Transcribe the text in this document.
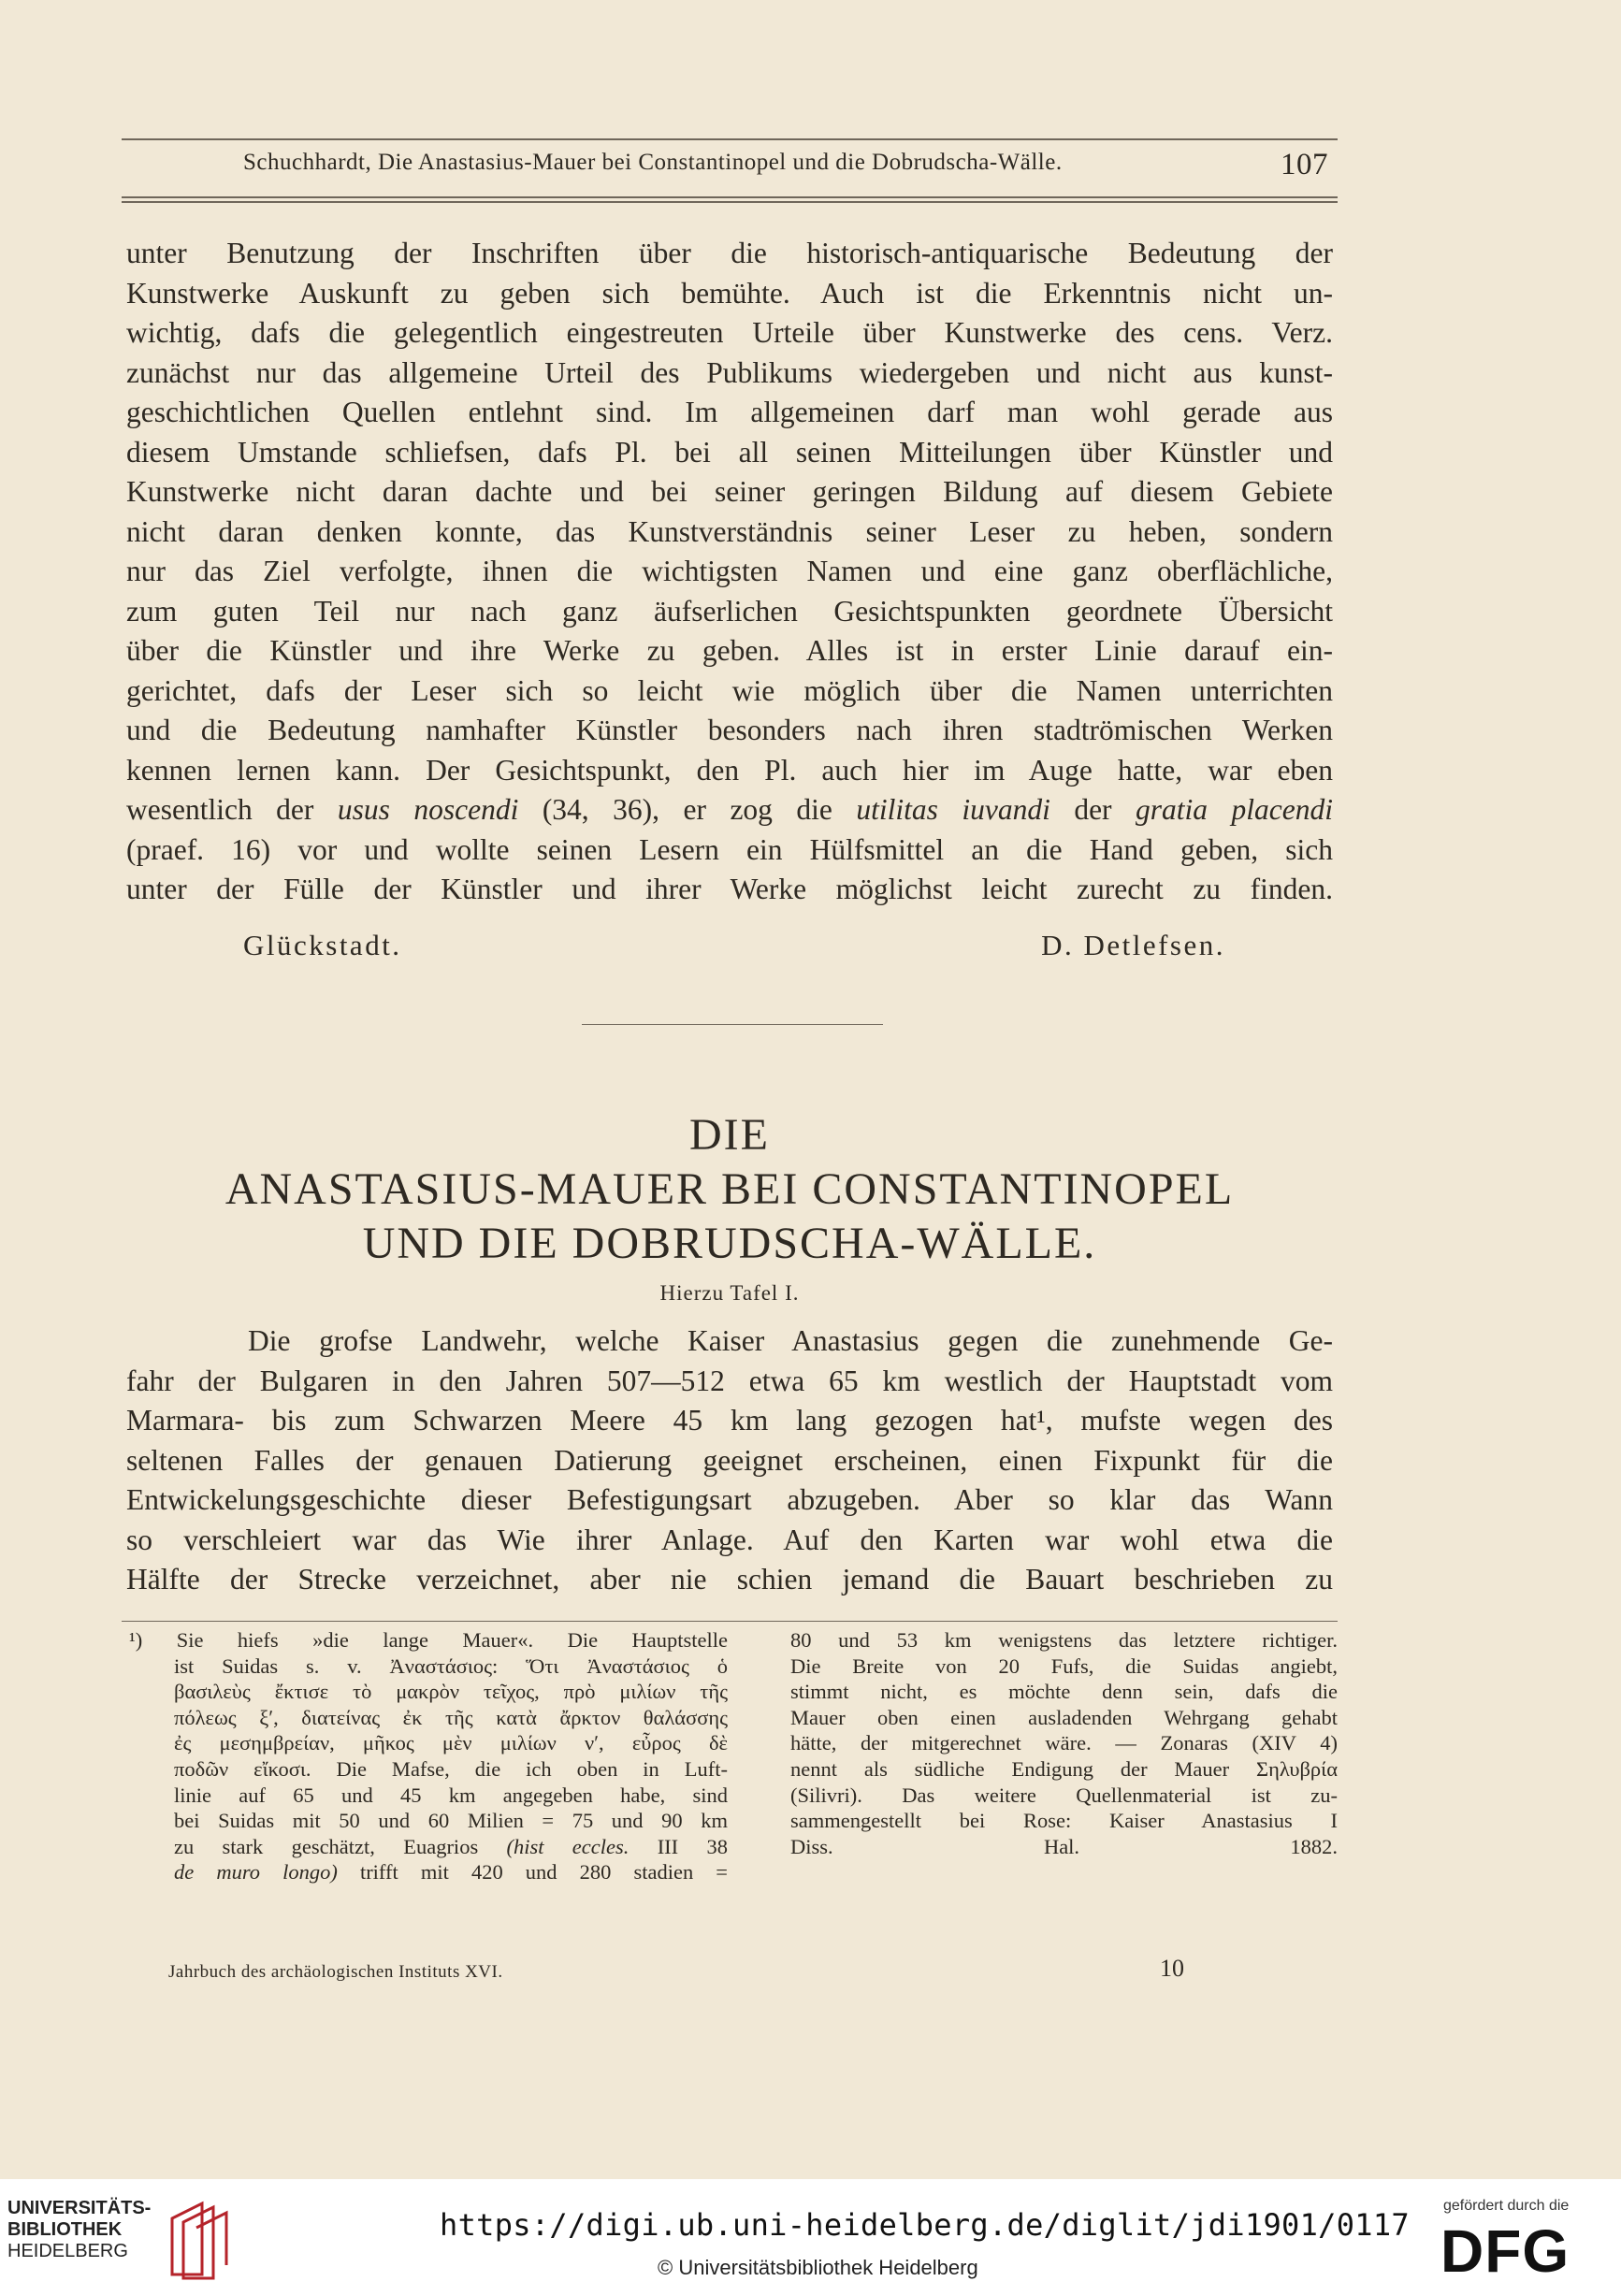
Schuchhardt, Die Anastasius-Mauer bei Constantinopel und die Dobrudscha-Wälle.	107

unter Benutzung der Inschriften über die historisch-antiquarische Bedeutung der

Kunstwerke Auskunft zu geben sich bemühte. Auch ist die Erkenntnis nicht un-

wichtig, dafs die gelegentlich eingestreuten Urteile über Kunstwerke des cens. Verz.

zunächst nur das allgemeine Urteil des Publikums wiedergeben und nicht aus kunst-

geschichtlichen Quellen entlehnt sind. Im allgemeinen darf man wohl gerade aus

diesem Umstande schliefsen, dafs Pl. bei all seinen Mitteilungen über Künstler und

Kunstwerke nicht daran dachte und bei seiner geringen Bildung auf diesem Gebiete

nicht daran denken konnte, das Kunstverständnis seiner Leser zu heben, sondern

nur das Ziel verfolgte, ihnen die wichtigsten Namen und eine ganz oberflächliche,

zum guten Teil nur nach ganz äufserlichen Gesichtspunkten geordnete Übersicht

über die Künstler und ihre Werke zu geben. Alles ist in erster Linie darauf ein-

gerichtet, dafs der Leser sich so leicht wie möglich über die Namen unterrichten

und die Bedeutung namhafter Künstler besonders nach ihren stadtrömischen Werken

kennen lernen kann. Der Gesichtspunkt, den Pl. auch hier im Auge hatte, war eben

wesentlich der usus noscendi (34, 36), er zog die utilitas iuvandi der gratia placendi

(praef. 16) vor und wollte seinen Lesern ein Hülfsmittel an die Hand geben, sich

unter der Fülle der Künstler und ihrer Werke möglichst leicht zurecht zu finden.

Glückstadt.	D. Detlefsen.
DIE
ANASTASIUS-MAUER BEI CONSTANTINOPEL
UND DIE DOBRUDSCHA-WÄLLE.
Hierzu Tafel I.

Die grofse Landwehr, welche Kaiser Anastasius gegen die zunehmende Ge-

fahr der Bulgaren in den Jahren 507—512 etwa 65 km westlich der Hauptstadt vom

Marmara- bis zum Schwarzen Meere 45 km lang gezogen hat¹, mufste wegen des

seltenen Falles der genauen Datierung geeignet erscheinen, einen Fixpunkt für die

Entwickelungsgeschichte dieser Befestigungsart abzugeben. Aber so klar das Wann

so verschleiert war das Wie ihrer Anlage. Auf den Karten war wohl etwa die

Hälfte der Strecke verzeichnet, aber nie schien jemand die Bauart beschrieben zu

¹) Sie hiefs »die lange Mauer«. Die Hauptstelle

ist Suidas s. v. Ἀναστάσιος: Ὅτι Ἀναστάσιος ὁ

βασιλεὺς ἔκτισε τὸ μακρὸν τεῖχος, πρὸ μιλίων τῆς

πόλεως ξʹ, διατείνας ἐκ τῆς κατὰ ἄρκτον θαλάσσης

ἐς μεσημβρείαν, μῆκος μὲν μιλίων νʹ, εὖρος δὲ

ποδῶν εἴκοσι. Die Mafse, die ich oben in Luft-

linie auf 65 und 45 km angegeben habe, sind

bei Suidas mit 50 und 60 Milien = 75 und 90 km

zu stark geschätzt, Euagrios (hist eccles. III 38

de muro longo) trifft mit 420 und 280 stadien =

80 und 53 km wenigstens das letztere richtiger.

Die Breite von 20 Fufs, die Suidas angiebt,

stimmt nicht, es möchte denn sein, dafs die

Mauer oben einen ausladenden Wehrgang gehabt

hätte, der mitgerechnet wäre. — Zonaras (XIV 4)

nennt als südliche Endigung der Mauer Σηλυβρία

(Silivri). Das weitere Quellenmaterial ist zu-

sammengestellt bei Rose: Kaiser Anastasius I

Diss. Hal. 1882.

Jahrbuch des archäologischen Instituts XVI.	10
UNIVERSITÄTS-
BIBLIOTHEK
HEIDELBERG
https://digi.ub.uni-heidelberg.de/diglit/jdi1901/0117
© Universitätsbibliothek Heidelberg
gefördert durch die
DFG
